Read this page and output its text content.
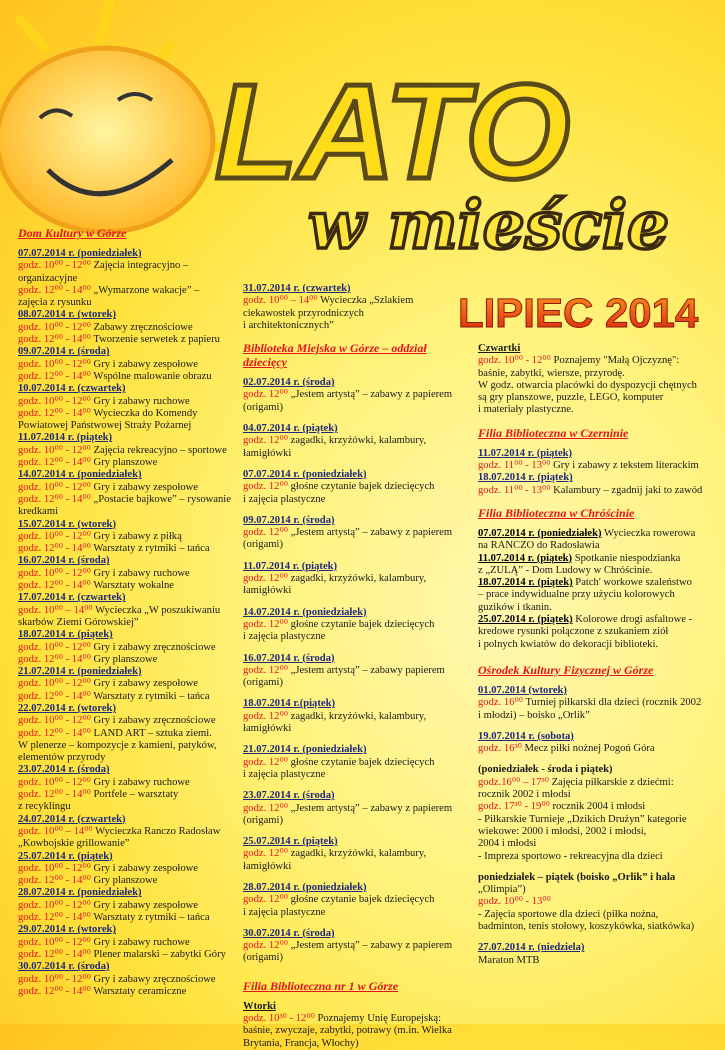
LATO
w mieście
LIPIEC 2014
Dom Kultury w Górze
07.07.2014 r. (poniedziałek)
godz. 10⁰⁰ - 12⁰⁰ Zajęcia integracyjno –
organizacyjne
godz. 12⁰⁰ - 14⁰⁰ „Wymarzone wakacje” –
zajęcia z rysunku
08.07.2014 r. (wtorek)
godz. 10⁰⁰ - 12⁰⁰ Zabawy zręcznościowe
godz. 12⁰⁰ - 14⁰⁰ Tworzenie serwetek z papieru
09.07.2014 r. (środa)
godz. 10⁰⁰ - 12⁰⁰ Gry i zabawy zespołowe
godz. 12⁰⁰ - 14⁰⁰ Wspólne malowanie obrazu
10.07.2014 r. (czwartek)
godz. 10⁰⁰ - 12⁰⁰ Gry i zabawy ruchowe
godz. 12⁰⁰ - 14⁰⁰ Wycieczka do Komendy
Powiatowej Państwowej Straży Pożarnej
11.07.2014 r. (piątek)
godz. 10⁰⁰ - 12⁰⁰ Zajęcia rekreacyjno – sportowe
godz. 12⁰⁰ - 14⁰⁰ Gry planszowe
14.07.2014 r. (poniedziałek)
godz. 10⁰⁰ - 12⁰⁰ Gry i zabawy zespołowe
godz. 12⁰⁰ - 14⁰⁰ „Postacie bajkowe” – rysowanie
kredkami
15.07.2014 r. (wtorek)
godz. 10⁰⁰ - 12⁰⁰ Gry i zabawy z piłką
godz. 12⁰⁰ - 14⁰⁰ Warsztaty z rytmiki – tańca
16.07.2014 r. (środa)
godz. 10⁰⁰ - 12⁰⁰ Gry i zabawy ruchowe
godz. 12⁰⁰ - 14⁰⁰ Warsztaty wokalne
17.07.2014 r. (czwartek)
godz. 10⁰⁰ – 14⁰⁰ Wycieczka „W poszukiwaniu
skarbów Ziemi Górowskiej”
18.07.2014 r. (piątek)
godz. 10⁰⁰ - 12⁰⁰ Gry i zabawy zręcznościowe
godz. 12⁰⁰ - 14⁰⁰ Gry planszowe
21.07.2014 r. (poniedziałek)
godz. 10⁰⁰ - 12⁰⁰ Gry i zabawy zespołowe
godz. 12⁰⁰ - 14⁰⁰ Warsztaty z rytmiki – tańca
22.07.2014 r. (wtorek)
godz. 10⁰⁰ - 12⁰⁰ Gry i zabawy zręcznościowe
godz. 12⁰⁰ - 14⁰⁰ LAND ART – sztuka ziemi.
W plenerze – kompozycje z kamieni, patyków,
elementów przyrody
23.07.2014 r. (środa)
godz. 10⁰⁰ - 12⁰⁰ Gry i zabawy ruchowe
godz. 12⁰⁰ - 14⁰⁰ Portfele – warsztaty
z recyklingu
24.07.2014 r. (czwartek)
godz. 10⁰⁰ – 14⁰⁰ Wycieczka Ranczo Radosław
„Kowbojskie grillowanie”
25.07.2014 r. (piątek)
godz. 10⁰⁰ - 12⁰⁰ Gry i zabawy zespołowe
godz. 12⁰⁰ - 14⁰⁰ Gry planszowe
28.07.2014 r. (poniedziałek)
godz. 10⁰⁰ - 12⁰⁰ Gry i zabawy zespołowe
godz. 12⁰⁰ - 14⁰⁰ Warsztaty z rytmiki – tańca
29.07.2014 r. (wtorek)
godz. 10⁰⁰ - 12⁰⁰ Gry i zabawy ruchowe
godz. 12⁰⁰ - 14⁰⁰ Plener malarski – zabytki Góry
30.07.2014 r. (środa)
godz. 10⁰⁰ - 12⁰⁰ Gry i zabawy zręcznościowe
godz. 12⁰⁰ - 14⁰⁰ Warsztaty ceramiczne
31.07.2014 r. (czwartek)
godz. 10⁰⁰ – 14⁰⁰ Wycieczka „Szlakiem
ciekawostek przyrodniczych
i architektonicznych”
Biblioteka Miejska w Górze – oddział dziecięcy
02.07.2014 r. (środa)
godz. 12⁰⁰ „Jestem artystą” – zabawy z papierem
(origami)
04.07.2014 r. (piątek)
godz. 12⁰⁰ zagadki, krzyżówki, kalambury,
łamigłówki
07.07.2014 r. (poniedziałek)
godz. 12⁰⁰ głośne czytanie bajek dziecięcych
i zajęcia plastyczne
09.07.2014 r. (środa)
godz. 12⁰⁰ „Jestem artystą” – zabawy z papierem
(origami)
11.07.2014 r. (piątek)
godz. 12⁰⁰ zagadki, krzyżówki, kalambury,
łamigłówki
14.07.2014 r. (poniedziałek)
godz. 12⁰⁰ głośne czytanie bajek dziecięcych
i zajęcia plastyczne
16.07.2014 r. (środa)
godz. 12⁰⁰ „Jestem artystą” – zabawy papierem
(origami)
18.07.2014 r.(piątek)
godz. 12⁰⁰ zagadki, krzyżówki, kalambury,
łamigłówki
21.07.2014 r. (poniedziałek)
godz. 12⁰⁰ głośne czytanie bajek dziecięcych
i zajęcia plastyczne
23.07.2014 r. (środa)
godz. 12⁰⁰ „Jestem artystą” – zabawy z papierem
(origami)
25.07.2014 r. (piątek)
godz. 12⁰⁰ zagadki, krzyżówki, kalambury,
łamigłówki
28.07.2014 r. (poniedziałek)
godz. 12⁰⁰ głośne czytanie bajek dziecięcych
i zajęcia plastyczne
30.07.2014 r. (środa)
godz. 12⁰⁰ „Jestem artystą” – zabawy z papierem
(origami)
Filia Biblioteczna nr 1 w Górze
Wtorki
godz. 10³⁰ - 12⁰⁰ Poznajemy Unię Europejską:
baśnie, zwyczaje, zabytki, potrawy (m.in. Wielka
Brytania, Francja, Włochy)
Czwartki
godz. 10⁰⁰ - 12⁰⁰ Poznajemy "Małą Ojczyznę":
baśnie, zabytki, wiersze, przyrodę.
W godz. otwarcia placówki do dyspozycji chętnych
są gry planszowe, puzzle, LEGO, komputer
i materiały plastyczne.
Filia Biblioteczna w Czerninie
11.07.2014 r. (piątek)
godz. 11⁰⁰ - 13⁰⁰ Gry i zabawy z tekstem literackim
18.07.2014 r. (piątek)
godz. 11⁰⁰ - 13⁰⁰ Kalambury – zgadnij jaki to zawód
Filia Biblioteczna w Chróścinie
07.07.2014 r. (poniedziałek) Wycieczka rowerowa
na RANCZO do Radosławia
11.07.2014 r. (piątek) Spotkanie niespodzianka
z „ZULĄ” - Dom Ludowy w Chróścinie.
18.07.2014 r. (piątek) Patch' workowe szaleństwo
– prace indywidualne przy użyciu kolorowych
guzików i tkanin.
25.07.2014 r. (piątek) Kolorowe drogi asfaltowe -
kredowe rysunki połączone z szukaniem ziół
i polnych kwiatów do dekoracji biblioteki.
Ośrodek Kultury Fizycznej w Górze
01.07.2014 (wtorek)
godz. 16⁰⁰ Turniej piłkarski dla dzieci (rocznik 2002
i młodzi) – boisko „Orlik”
19.07.2014 r. (sobota)
godz. 16³⁰ Mecz piłki nożnej Pogoń Góra
(poniedziałek - środa i piątek)
godz.16⁰⁰ – 17³⁰ Zajęcia piłkarskie z dziećmi:
rocznik 2002 i młodsi
godz. 17³⁰ - 19⁰⁰ rocznik 2004 i młodsi
- Piłkarskie Turnieje „Dzikich Drużyn” kategorie
wiekowe: 2000 i młodsi, 2002 i młodsi,
2004 i młodsi
- Impreza sportowo - rekreacyjna dla dzieci
poniedziałek – piątek (boisko „Orlik” i hala
„Olimpia”)
godz. 10⁰⁰ - 13⁰⁰
- Zajęcia sportowe dla dzieci (piłka nożna,
badminton, tenis stołowy, koszykówka, siatkówka)
27.07.2014 r. (niedziela)
Maraton MTB
